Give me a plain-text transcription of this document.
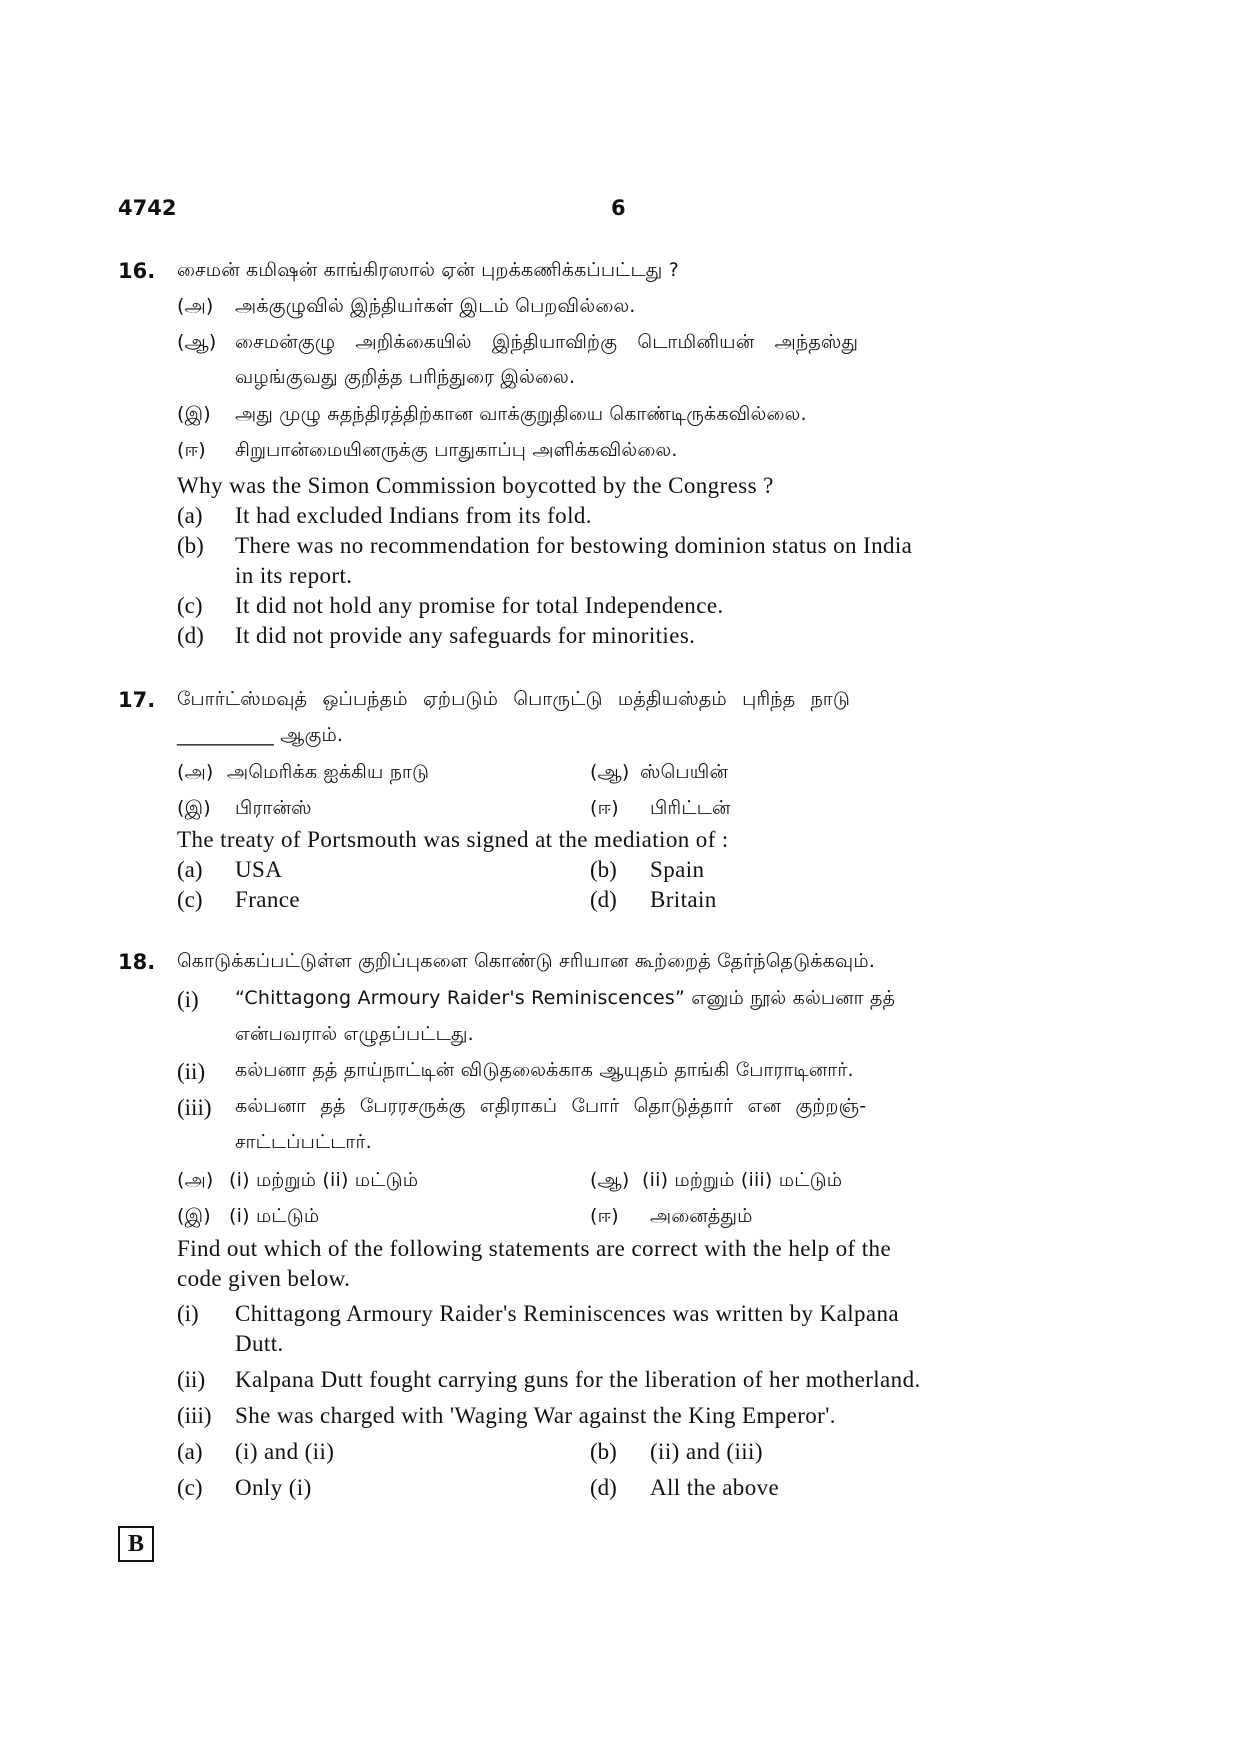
4742	6
16. சைமன் கமிஷன் காங்கிரஸால் ஏன் புறக்கணிக்கப்பட்டது ?
(அ) அக்குழுவில் இந்தியர்கள் இடம் பெறவில்லை.
(ஆ) சைமன்குழு அறிக்கையில் இந்தியாவிற்கு டொமினியன் அந்தஸ்து
வழங்குவது குறித்த பரிந்துரை இல்லை.
(இ) அது முழு சுதந்திரத்திற்கான வாக்குறுதியை கொண்டிருக்கவில்லை.
(ஈ) சிறுபான்மையினருக்கு பாதுகாப்பு அளிக்கவில்லை.
Why was the Simon Commission boycotted by the Congress ?
(a) It had excluded Indians from its fold.
(b) There was no recommendation for bestowing dominion status on India
in its report.
(c) It did not hold any promise for total Independence.
(d) It did not provide any safeguards for minorities.
17. போர்ட்ஸ்மவுத் ஒப்பந்தம் ஏற்படும் பொருட்டு மத்தியஸ்தம் புரிந்த நாடு
__________ ஆகும்.
(அ) அமெரிக்க ஐக்கிய நாடு	(ஆ) ஸ்பெயின்
(இ) பிரான்ஸ்	(ஈ) பிரிட்டன்
The treaty of Portsmouth was signed at the mediation of :
(a) USA	(b) Spain
(c) France	(d) Britain
18. கொடுக்கப்பட்டுள்ள குறிப்புகளை கொண்டு சரியான கூற்றைத் தேர்ந்தெடுக்கவும்.
(i) “Chittagong Armoury Raider's Reminiscences” எனும் நூல் கல்பனா தத்
என்பவரால் எழுதப்பட்டது.
(ii) கல்பனா தத் தாய்நாட்டின் விடுதலைக்காக ஆயுதம் தாங்கி போராடினார்.
(iii) கல்பனா தத் பேரரசருக்கு எதிராகப் போர் தொடுத்தார் என குற்றஞ்-
சாட்டப்பட்டார்.
(அ) (i) மற்றும் (ii) மட்டும்	(ஆ) (ii) மற்றும் (iii) மட்டும்
(இ) (i) மட்டும்	(ஈ) அனைத்தும்
Find out which of the following statements are correct with the help of the
code given below.
(i) Chittagong Armoury Raider's Reminiscences was written by Kalpana
Dutt.
(ii) Kalpana Dutt fought carrying guns for the liberation of her motherland.
(iii) She was charged with 'Waging War against the King Emperor'.
(a) (i) and (ii)	(b) (ii) and (iii)
(c) Only (i)	(d) All the above
B
